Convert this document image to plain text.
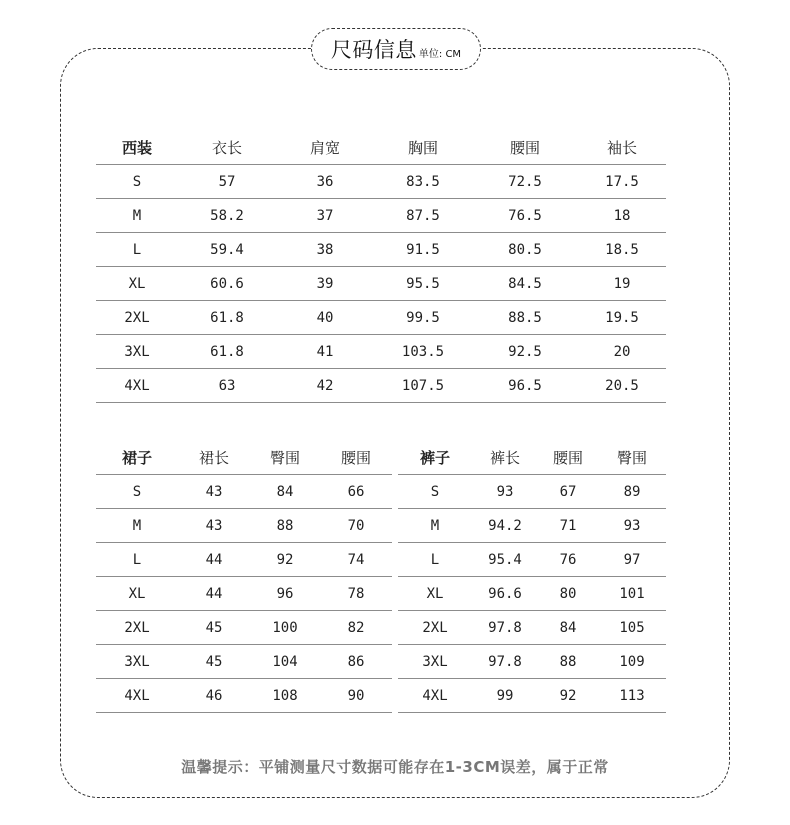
尺码信息 单位: CM
西装	衣长	肩宽	胸围	腰围	袖长
S	57	36	83.5	72.5	17.5
M	58.2	37	87.5	76.5	18
L	59.4	38	91.5	80.5	18.5
XL	60.6	39	95.5	84.5	19
2XL	61.8	40	99.5	88.5	19.5
3XL	61.8	41	103.5	92.5	20
4XL	63	42	107.5	96.5	20.5
裙子	裙长	臀围	腰围
S	43	84	66
M	43	88	70
L	44	92	74
XL	44	96	78
2XL	45	100	82
3XL	45	104	86
4XL	46	108	90
裤子	裤长	腰围	臀围
S	93	67	89
M	94.2	71	93
L	95.4	76	97
XL	96.6	80	101
2XL	97.8	84	105
3XL	97.8	88	109
4XL	99	92	113
温馨提示：平铺测量尺寸数据可能存在1-3CM误差，属于正常
